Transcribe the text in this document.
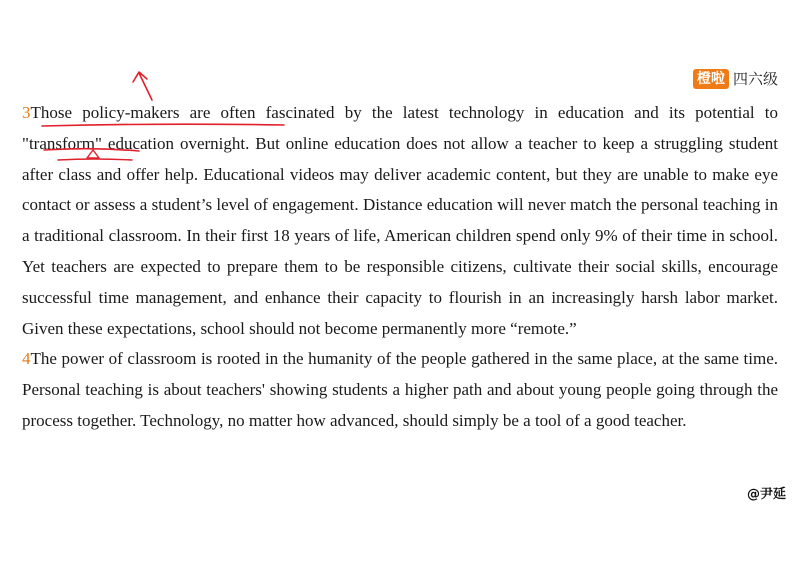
橙啦 四六级

3Those policy-makers are often fascinated by the latest technology in education and its potential to "transform" education overnight. But online education does not allow a teacher to keep a struggling student after class and offer help. Educational videos may deliver academic content, but they are unable to make eye contact or assess a student’s level of engagement. Distance education will never match the personal teaching in a traditional classroom. In their first 18 years of life, American children spend only 9% of their time in school. Yet teachers are expected to prepare them to be responsible citizens, cultivate their social skills, encourage successful time management, and enhance their capacity to flourish in an increasingly harsh labor market. Given these expectations, school should not become permanently more “remote.”

4The power of classroom is rooted in the humanity of the people gathered in the same place, at the same time. Personal teaching is about teachers' showing students a higher path and about young people going through the process together. Technology, no matter how advanced, should simply be a tool of a good teacher.

@尹延
